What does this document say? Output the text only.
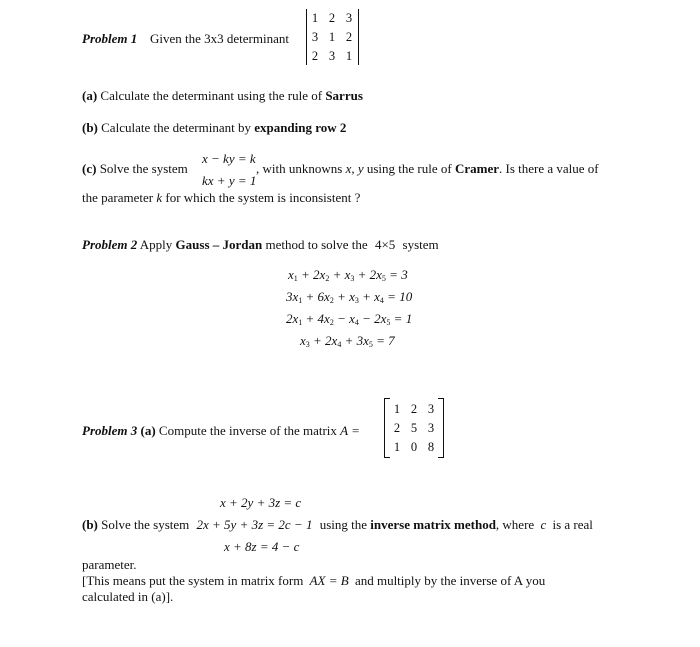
Problem 1 Given the 3x3 determinant
1 2 3
3 1 2
2 3 1
(a) Calculate the determinant using the rule of Sarrus
(b) Calculate the determinant by expanding row 2
(c) Solve the system
x − ky = k
kx + y = 1
, with unknowns x, y using the rule of Cramer. Is there a value of
the parameter k for which the system is inconsistent ?
Problem 2 Apply Gauss – Jordan method to solve the 4×5 system
$x_1 + 2x_2 + x_3 + 2x_5 = 3$
$3x_1 + 6x_2 + x_3 + x_4 = 10$
$2x_1 + 4x_2 - x_4 - 2x_5 = 1$
$x_3 + 2x_4 + 3x_5 = 7$
Problem 3 (a) Compute the inverse of the matrix A =
1 2 3
2 5 3
1 0 8
x + 2y + 3z = c
(b) Solve the system 2x + 5y + 3z = 2c − 1 using the inverse matrix method, where c is a real
x + 8z = 4 − c
parameter.
[This means put the system in matrix form AX = B and multiply by the inverse of A you
calculated in (a)].
